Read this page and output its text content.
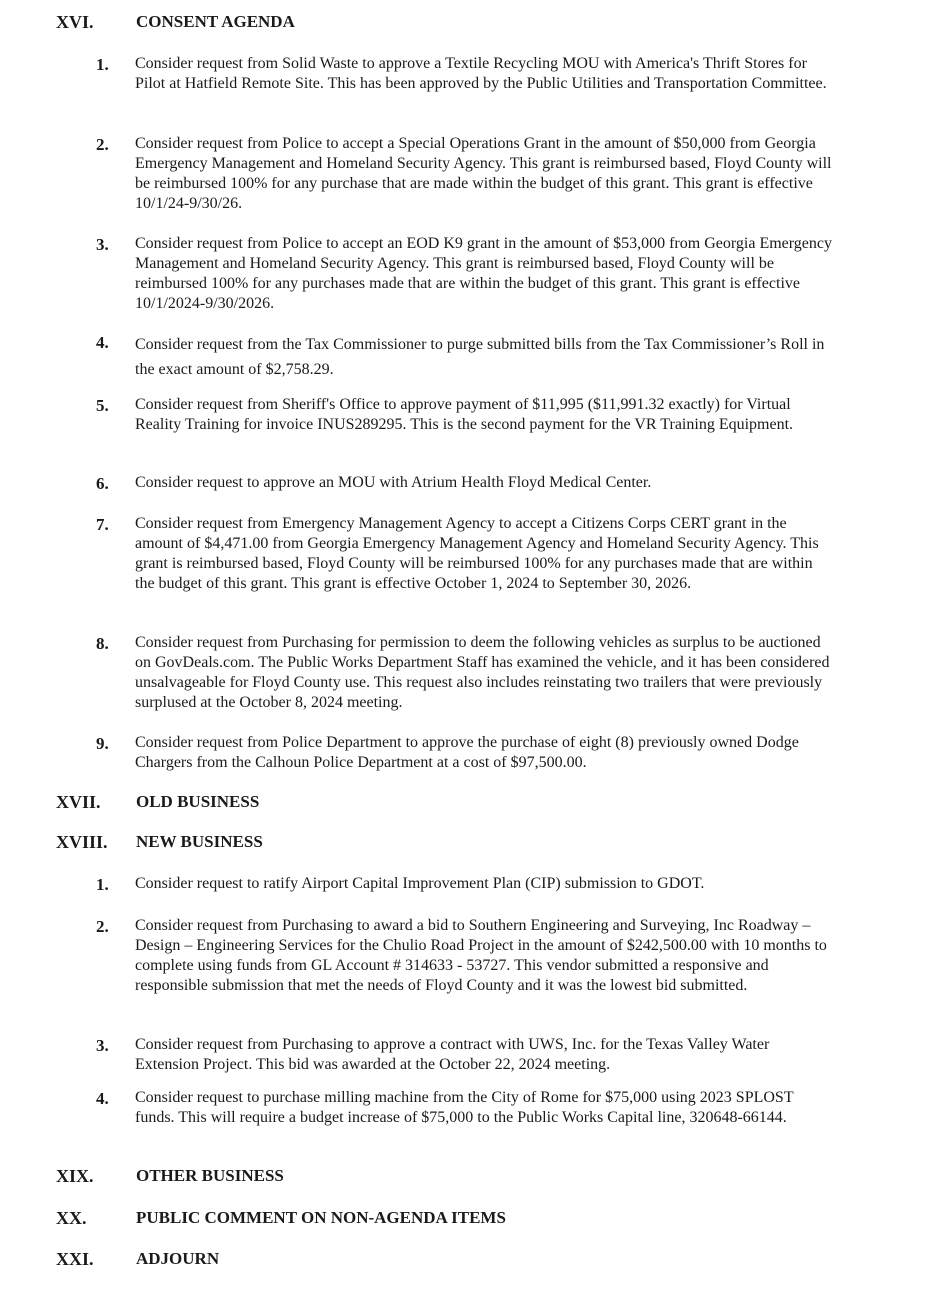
XVI. CONSENT AGENDA
1. Consider request from Solid Waste to approve a Textile Recycling MOU with America's Thrift Stores for Pilot at Hatfield Remote Site. This has been approved by the Public Utilities and Transportation Committee.
2. Consider request from Police to accept a Special Operations Grant in the amount of $50,000 from Georgia Emergency Management and Homeland Security Agency. This grant is reimbursed based, Floyd County will be reimbursed 100% for any purchase that are made within the budget of this grant. This grant is effective 10/1/24-9/30/26.
3. Consider request from Police to accept an EOD K9 grant in the amount of $53,000 from Georgia Emergency Management and Homeland Security Agency. This grant is reimbursed based, Floyd County will be reimbursed 100% for any purchases made that are within the budget of this grant. This grant is effective 10/1/2024-9/30/2026.
4. Consider request from the Tax Commissioner to purge submitted bills from the Tax Commissioner’s Roll in the exact amount of $2,758.29.
5. Consider request from Sheriff's Office to approve payment of $11,995 ($11,991.32 exactly) for Virtual Reality Training for invoice INUS289295. This is the second payment for the VR Training Equipment.
6. Consider request to approve an MOU with Atrium Health Floyd Medical Center.
7. Consider request from Emergency Management Agency to accept a Citizens Corps CERT grant in the amount of $4,471.00 from Georgia Emergency Management Agency and Homeland Security Agency. This grant is reimbursed based, Floyd County will be reimbursed 100% for any purchases made that are within the budget of this grant. This grant is effective October 1, 2024 to September 30, 2026.
8. Consider request from Purchasing for permission to deem the following vehicles as surplus to be auctioned on GovDeals.com. The Public Works Department Staff has examined the vehicle, and it has been considered unsalvageable for Floyd County use. This request also includes reinstating two trailers that were previously surplused at the October 8, 2024 meeting.
9. Consider request from Police Department to approve the purchase of eight (8) previously owned Dodge Chargers from the Calhoun Police Department at a cost of $97,500.00.
XVII. OLD BUSINESS
XVIII. NEW BUSINESS
1. Consider request to ratify Airport Capital Improvement Plan (CIP) submission to GDOT.
2. Consider request from Purchasing to award a bid to Southern Engineering and Surveying, Inc Roadway – Design – Engineering Services for the Chulio Road Project in the amount of $242,500.00 with 10 months to complete using funds from GL Account # 314633 - 53727. This vendor submitted a responsive and responsible submission that met the needs of Floyd County and it was the lowest bid submitted.
3. Consider request from Purchasing to approve a contract with UWS, Inc. for the Texas Valley Water Extension Project. This bid was awarded at the October 22, 2024 meeting.
4. Consider request to purchase milling machine from the City of Rome for $75,000 using 2023 SPLOST funds. This will require a budget increase of $75,000 to the Public Works Capital line, 320648-66144.
XIX. OTHER BUSINESS
XX.	PUBLIC COMMENT ON NON-AGENDA ITEMS
XXI. ADJOURN
